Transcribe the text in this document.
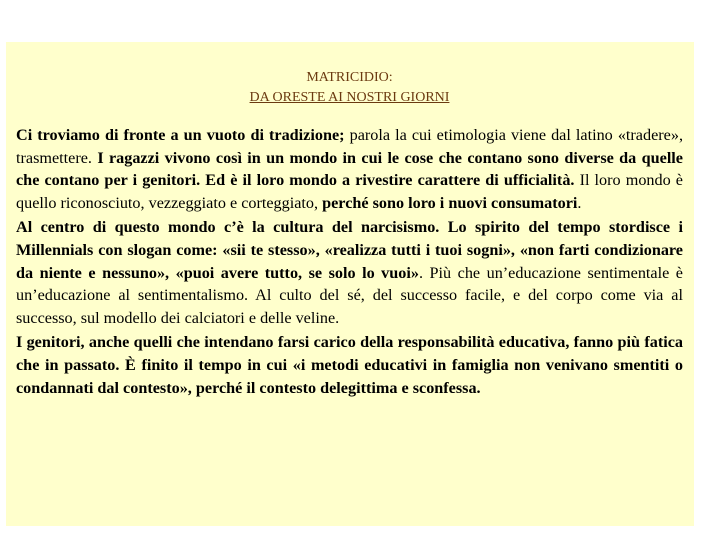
MATRICIDIO:
DA ORESTE AI NOSTRI GIORNI

Ci troviamo di fronte a un vuoto di tradizione; parola la cui etimologia viene dal latino «tradere», trasmettere. I ragazzi vivono così in un mondo in cui le cose che contano sono diverse da quelle che contano per i genitori. Ed è il loro mondo a rivestire carattere di ufficialità. Il loro mondo è quello riconosciuto, vezzeggiato e corteggiato, perché sono loro i nuovi consumatori.

Al centro di questo mondo c’è la cultura del narcisismo. Lo spirito del tempo stordisce i Millennials con slogan come: «sii te stesso», «realizza tutti i tuoi sogni», «non farti condizionare da niente e nessuno», «puoi avere tutto, se solo lo vuoi». Più che un’educazione sentimentale è un’educazione al sentimentalismo. Al culto del sé, del successo facile, e del corpo come via al successo, sul modello dei calciatori e delle veline.

I genitori, anche quelli che intendano farsi carico della responsabilità educativa, fanno più fatica che in passato. È finito il tempo in cui «i metodi educativi in famiglia non venivano smentiti o condannati dal contesto», perché il contesto delegittima e sconfessa.
